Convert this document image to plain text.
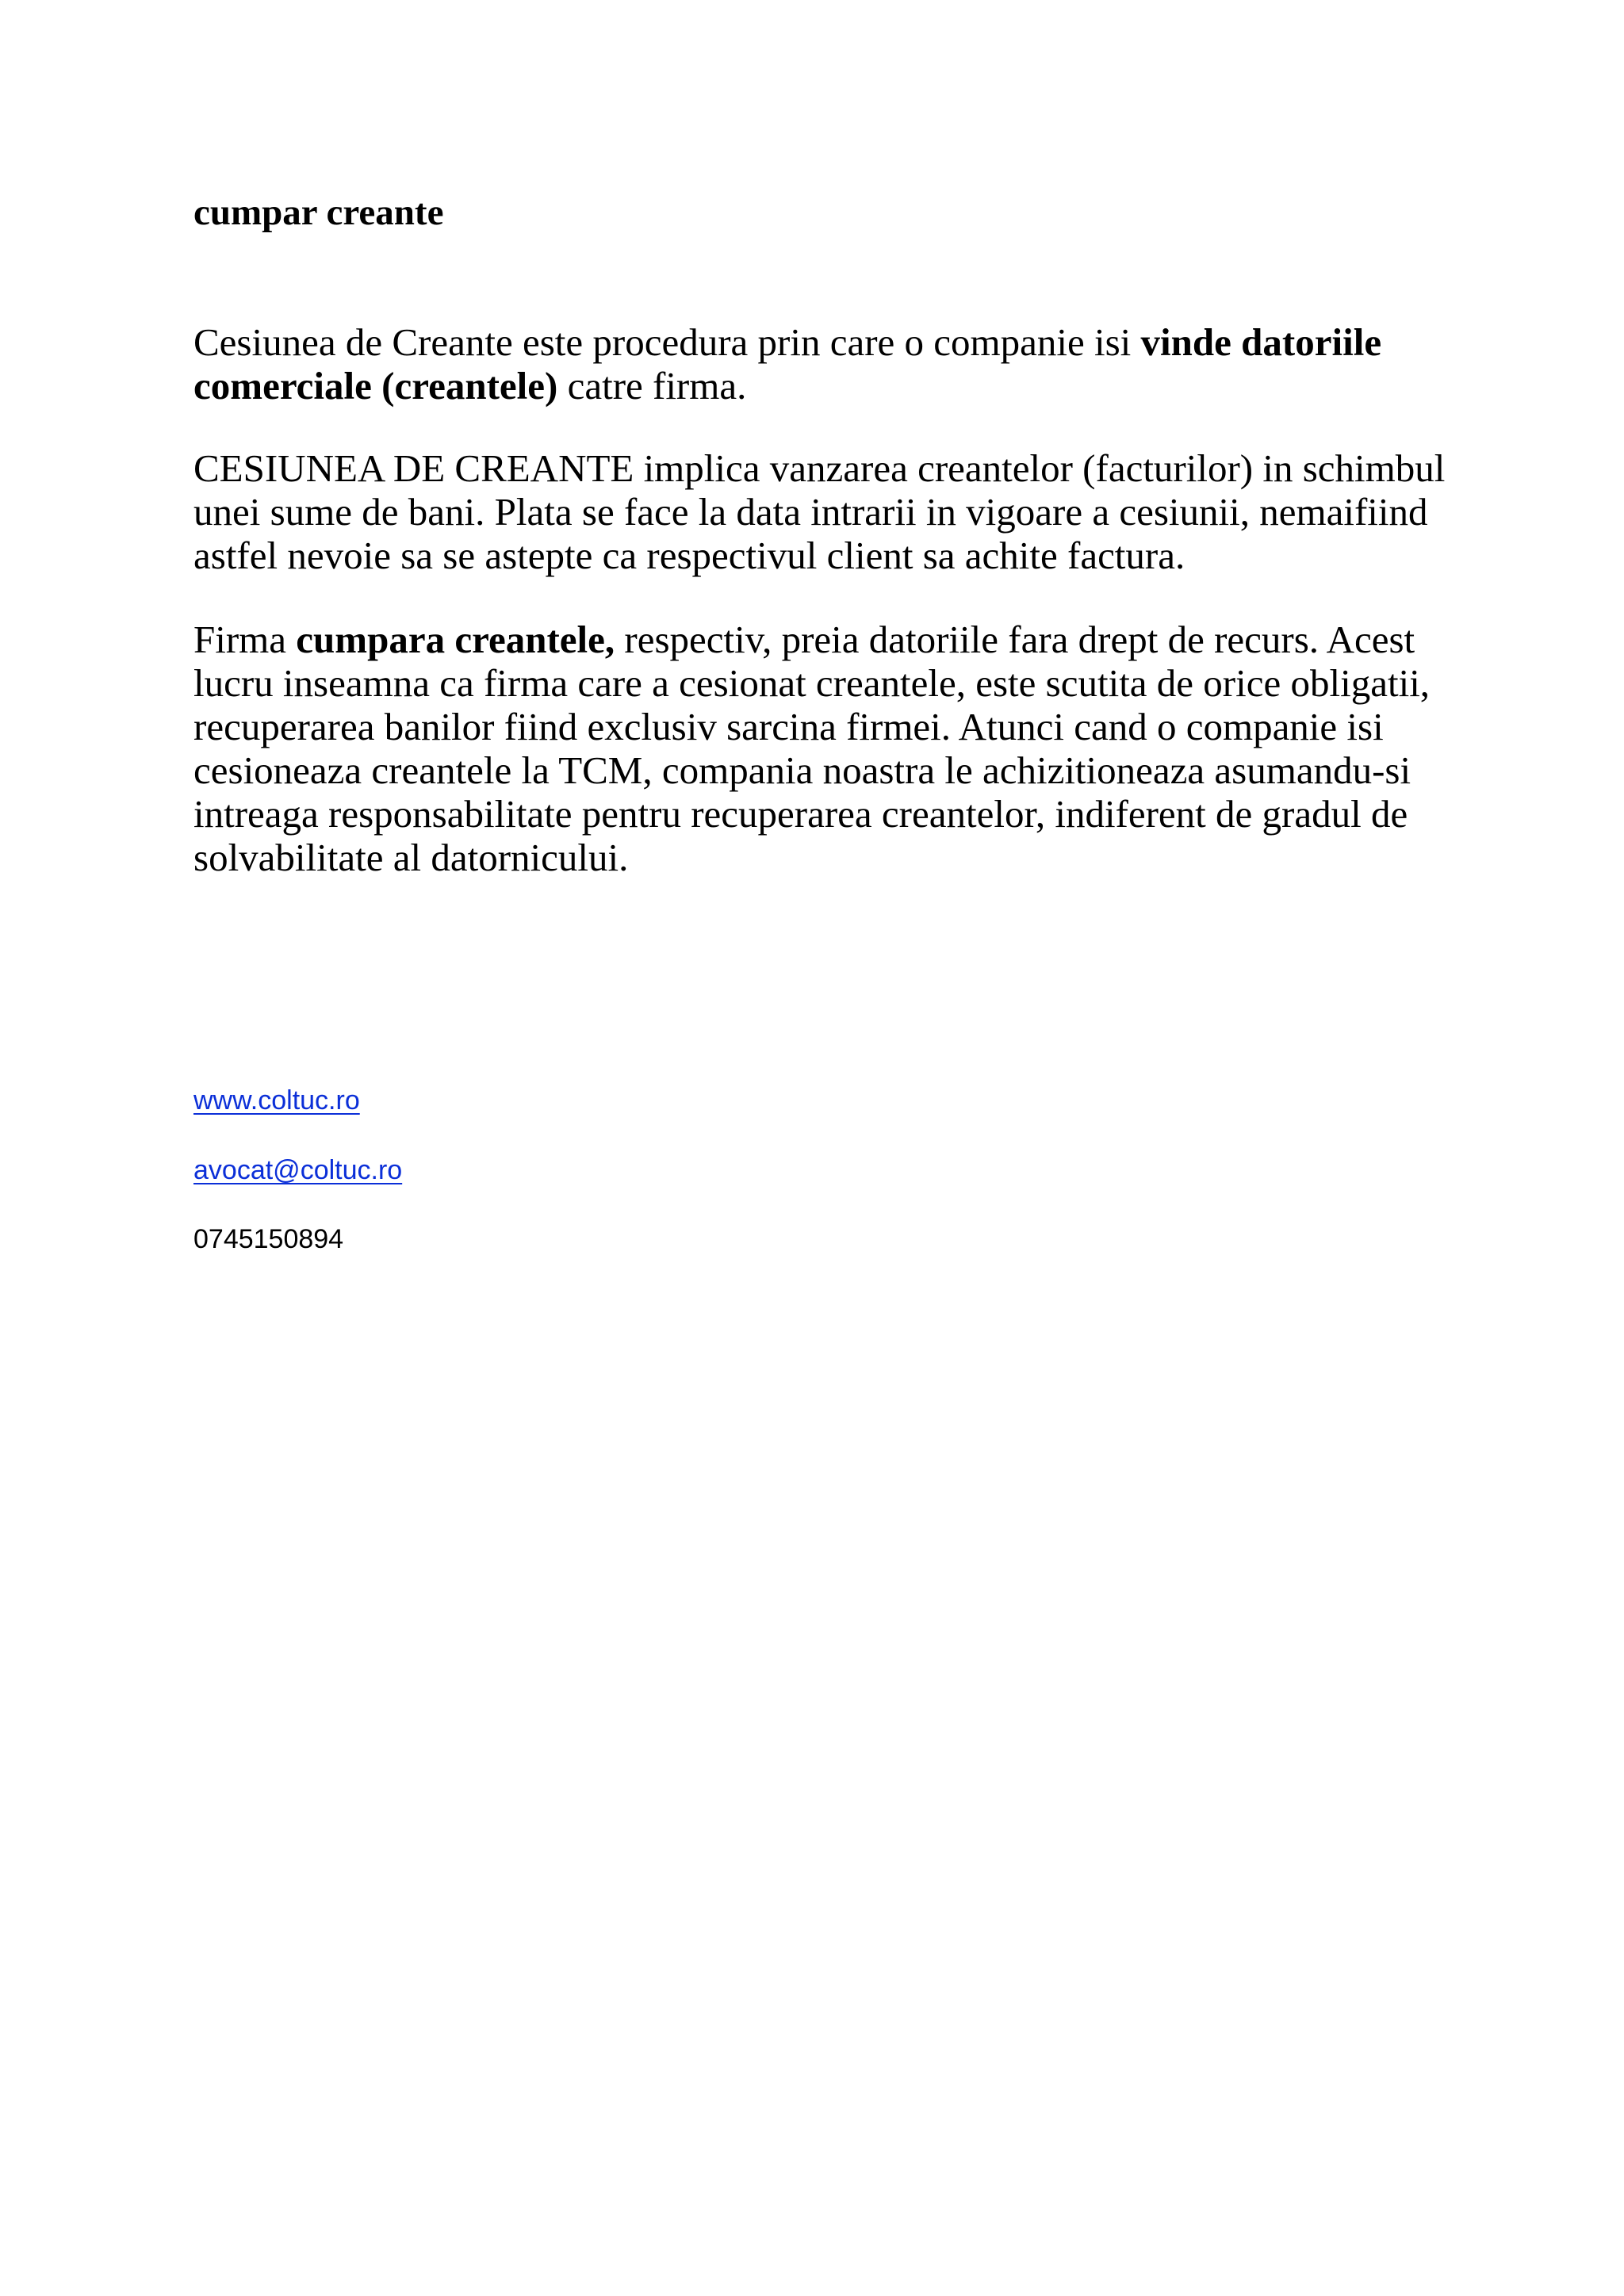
cumpar creante
Cesiunea de Creante este procedura prin care o companie isi vinde datoriile
comerciale (creantele) catre firma.
CESIUNEA DE CREANTE implica vanzarea creantelor (facturilor) in schimbul
unei sume de bani. Plata se face la data intrarii in vigoare a cesiunii, nemaifiind
astfel nevoie sa se astepte ca respectivul client sa achite factura.
Firma cumpara creantele, respectiv, preia datoriile fara drept de recurs. Acest
lucru inseamna ca firma care a cesionat creantele, este scutita de orice obligatii,
recuperarea banilor fiind exclusiv sarcina firmei. Atunci cand o companie isi
cesioneaza creantele la TCM, compania noastra le achizitioneaza asumandu-si
intreaga responsabilitate pentru recuperarea creantelor, indiferent de gradul de
solvabilitate al datornicului.
www.coltuc.ro
avocat@coltuc.ro
0745150894
